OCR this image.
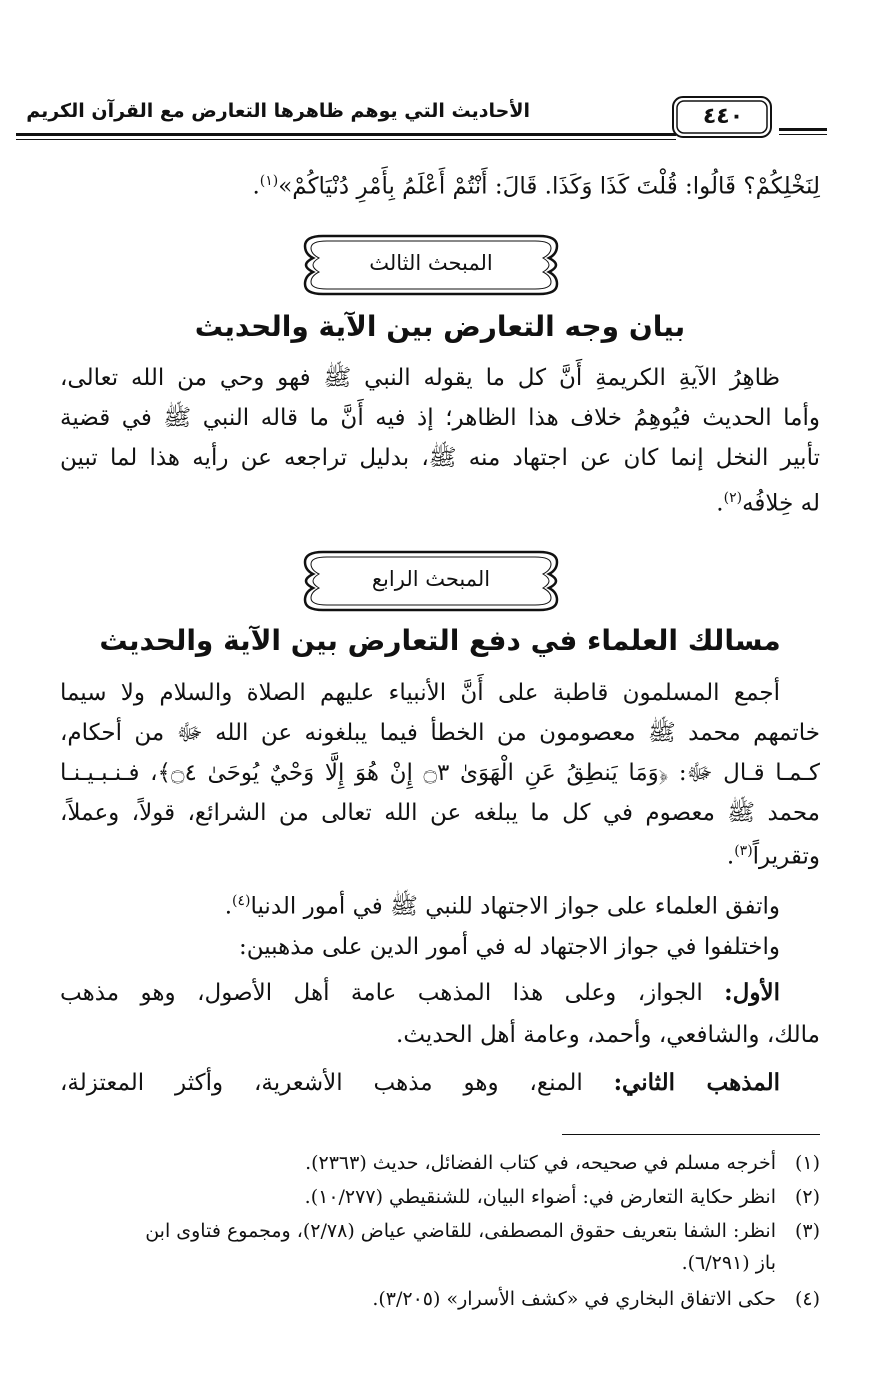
الأحاديث التي يوهم ظاهرها التعارض مع القرآن الكريم	٤٤٠
لِنَخْلِكُمْ؟ قَالُوا: قُلْتَ كَذَا وَكَذَا. قَالَ: أَنْتُمْ أَعْلَمُ بِأَمْرِ دُنْيَاكُمْ»$^{(١)}$.
المبحث الثالث
بيان وجه التعارض بين الآية والحديث
ظاهِرُ الآيةِ الكريمةِ أَنَّ كل ما يقوله النبي ﷺ فهو وحي من الله تعالى،
وأما الحديث فيُوهِمُ خلاف هذا الظاهر؛ إذ فيه أَنَّ ما قاله النبي ﷺ في قضية
تأبير النخل إنما كان عن اجتهاد منه ﷺ، بدليل تراجعه عن رأيه هذا لما تبين
له خِلافُه$^{(٢)}$.
المبحث الرابع
مسالك العلماء في دفع التعارض بين الآية والحديث
أجمع المسلمون قاطبة على أَنَّ الأنبياء عليهم الصلاة والسلام ولا سيما
خاتمهم محمد ﷺ معصومون من الخطأ فيما يبلغونه عن الله ﷻ من أحكام،
كـمـا قـال ﷻ: ﴿وَمَا يَنطِقُ عَنِ الْهَوَىٰ ۝٣ إِنْ هُوَ إِلَّا وَحْيٌ يُوحَىٰ ۝٤﴾، فـنـبـيـنـا
محمد ﷺ معصوم في كل ما يبلغه عن الله تعالى من الشرائع، قولاً، وعملاً،
وتقريراً$^{(٣)}$.
واتفق العلماء على جواز الاجتهاد للنبي ﷺ في أمور الدنيا$^{(٤)}$.
واختلفوا في جواز الاجتهاد له في أمور الدين على مذهبين:
الأول: الجواز، وعلى هذا المذهب عامة أهل الأصول، وهو مذهب
مالك، والشافعي، وأحمد، وعامة أهل الحديث.
المذهب الثاني: المنع، وهو مذهب الأشعرية، وأكثر المعتزلة،
(١)أخرجه مسلم في صحيحه، في كتاب الفضائل، حديث (٢٣٦٣).
(٢)انظر حكاية التعارض في: أضواء البيان، للشنقيطي (١٠/٢٧٧).
(٣)انظر: الشفا بتعريف حقوق المصطفى، للقاضي عياض (٢/٧٨)، ومجموع فتاوى ابن
باز (٦/٢٩١).
(٤)حكى الاتفاق البخاري في «كشف الأسرار» (٣/٢٠٥).
